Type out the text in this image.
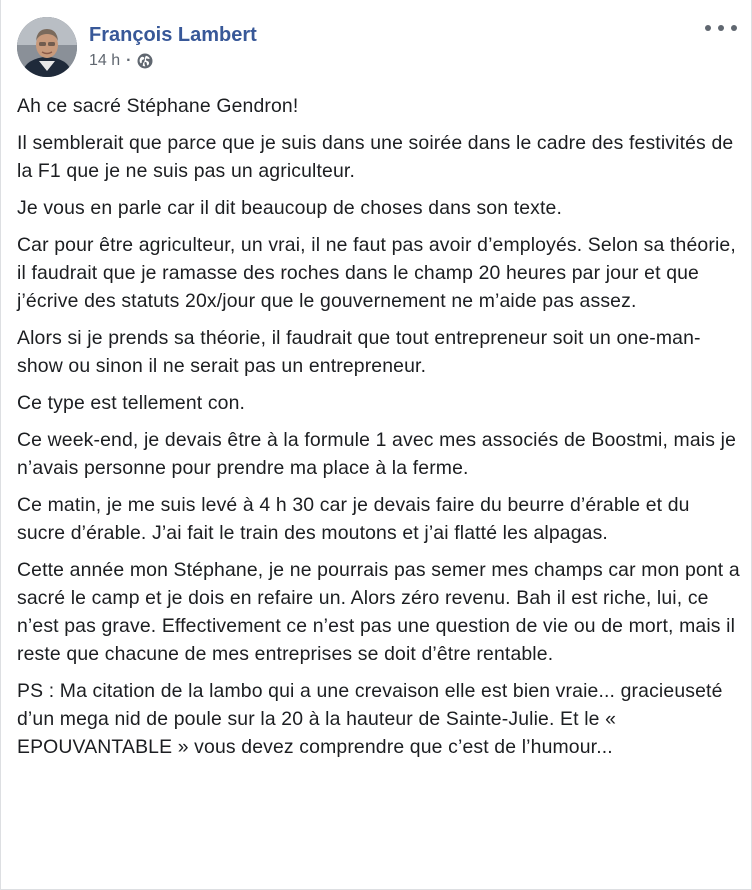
François Lambert
14 h ·

Ah ce sacré Stéphane Gendron!

Il semblerait que parce que je suis dans une soirée dans le cadre des festivités de la F1 que je ne suis pas un agriculteur.

Je vous en parle car il dit beaucoup de choses dans son texte.

Car pour être agriculteur, un vrai, il ne faut pas avoir d’employés. Selon sa théorie, il faudrait que je ramasse des roches dans le champ 20 heures par jour et que j’écrive des statuts 20x/jour que le gouvernement ne m’aide pas assez.

Alors si je prends sa théorie, il faudrait que tout entrepreneur soit un one-man-show ou sinon il ne serait pas un entrepreneur.

Ce type est tellement con.

Ce week-end, je devais être à la formule 1 avec mes associés de Boostmi, mais je n’avais personne pour prendre ma place à la ferme.

Ce matin, je me suis levé à 4 h 30 car je devais faire du beurre d’érable et du sucre d’érable. J’ai fait le train des moutons et j’ai flatté les alpagas.

Cette année mon Stéphane, je ne pourrais pas semer mes champs car mon pont a sacré le camp et je dois en refaire un. Alors zéro revenu. Bah il est riche, lui, ce n’est pas grave. Effectivement ce n’est pas une question de vie ou de mort, mais il reste que chacune de mes entreprises se doit d’être rentable.

PS : Ma citation de la lambo qui a une crevaison elle est bien vraie... gracieuseté d’un mega nid de poule sur la 20 à la hauteur de Sainte-Julie. Et le « EPOUVANTABLE » vous devez comprendre que c’est de l’humour...
